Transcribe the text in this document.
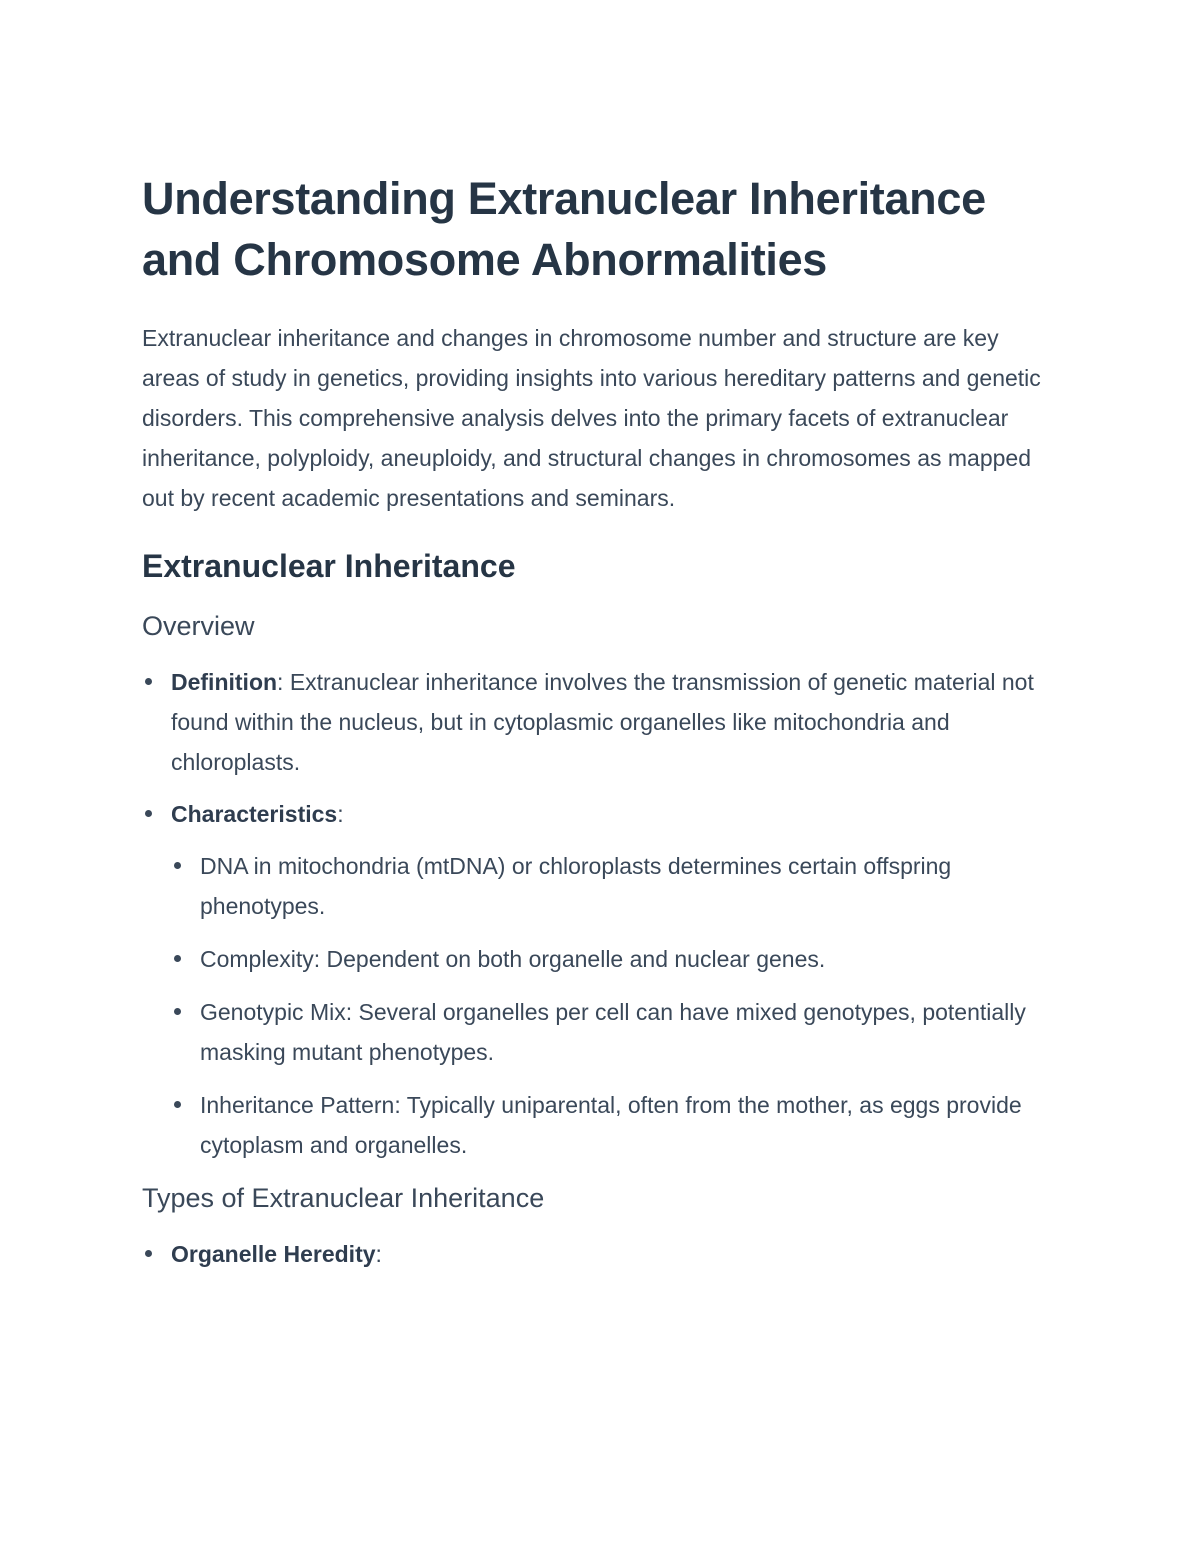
Understanding Extranuclear Inheritance and Chromosome Abnormalities

Extranuclear inheritance and changes in chromosome number and structure are key areas of study in genetics, providing insights into various hereditary patterns and genetic disorders. This comprehensive analysis delves into the primary facets of extranuclear inheritance, polyploidy, aneuploidy, and structural changes in chromosomes as mapped out by recent academic presentations and seminars.

Extranuclear Inheritance
Overview
Definition: Extranuclear inheritance involves the transmission of genetic material not found within the nucleus, but in cytoplasmic organelles like mitochondria and chloroplasts.
Characteristics:
DNA in mitochondria (mtDNA) or chloroplasts determines certain offspring phenotypes.
Complexity: Dependent on both organelle and nuclear genes.
Genotypic Mix: Several organelles per cell can have mixed genotypes, potentially masking mutant phenotypes.
Inheritance Pattern: Typically uniparental, often from the mother, as eggs provide cytoplasm and organelles.
Types of Extranuclear Inheritance
Organelle Heredity:
